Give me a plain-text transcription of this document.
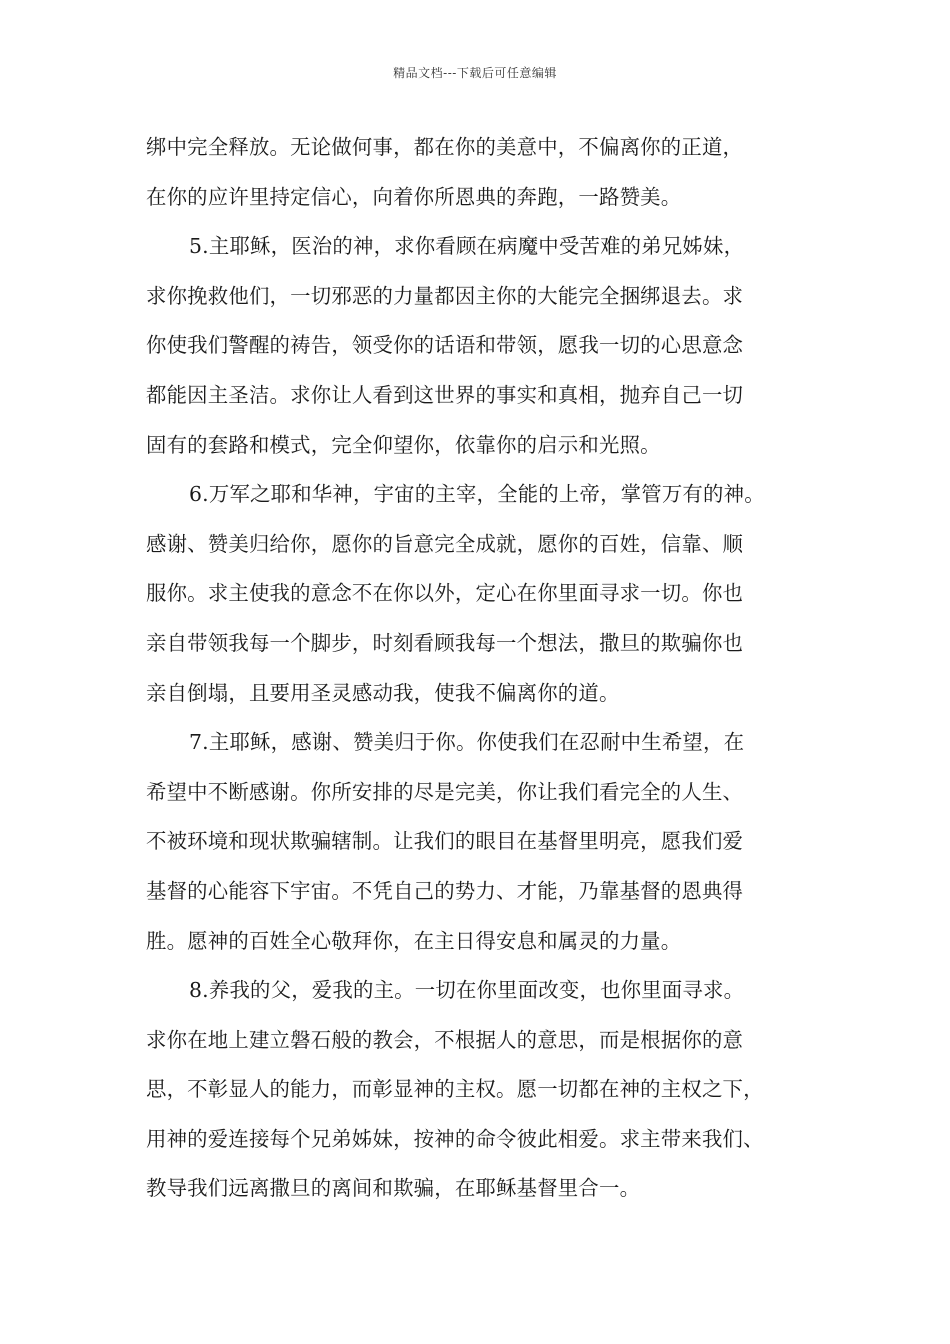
精品文档---下载后可任意编辑
绑中完全释放。无论做何事，都在你的美意中，不偏离你的正道，
在你的应许里持定信心，向着你所恩典的奔跑，一路赞美。
5.主耶稣，医治的神，求你看顾在病魔中受苦难的弟兄姊妹，
求你挽救他们，一切邪恶的力量都因主你的大能完全捆绑退去。求
你使我们警醒的祷告，领受你的话语和带领，愿我一切的心思意念
都能因主圣洁。求你让人看到这世界的事实和真相，抛弃自己一切
固有的套路和模式，完全仰望你，依靠你的启示和光照。
6.万军之耶和华神，宇宙的主宰，全能的上帝，掌管万有的神。
感谢、赞美归给你，愿你的旨意完全成就，愿你的百姓，信靠、顺
服你。求主使我的意念不在你以外，定心在你里面寻求一切。你也
亲自带领我每一个脚步，时刻看顾我每一个想法，撒旦的欺骗你也
亲自倒塌，且要用圣灵感动我，使我不偏离你的道。
7.主耶稣，感谢、赞美归于你。你使我们在忍耐中生希望，在
希望中不断感谢。你所安排的尽是完美，你让我们看完全的人生、
不被环境和现状欺骗辖制。让我们的眼目在基督里明亮，愿我们爱
基督的心能容下宇宙。不凭自己的势力、才能，乃靠基督的恩典得
胜。愿神的百姓全心敬拜你，在主日得安息和属灵的力量。
8.养我的父，爱我的主。一切在你里面改变，也你里面寻求。
求你在地上建立磐石般的教会，不根据人的意思，而是根据你的意
思，不彰显人的能力，而彰显神的主权。愿一切都在神的主权之下，
用神的爱连接每个兄弟姊妹，按神的命令彼此相爱。求主带来我们、
教导我们远离撒旦的离间和欺骗，在耶稣基督里合一。
